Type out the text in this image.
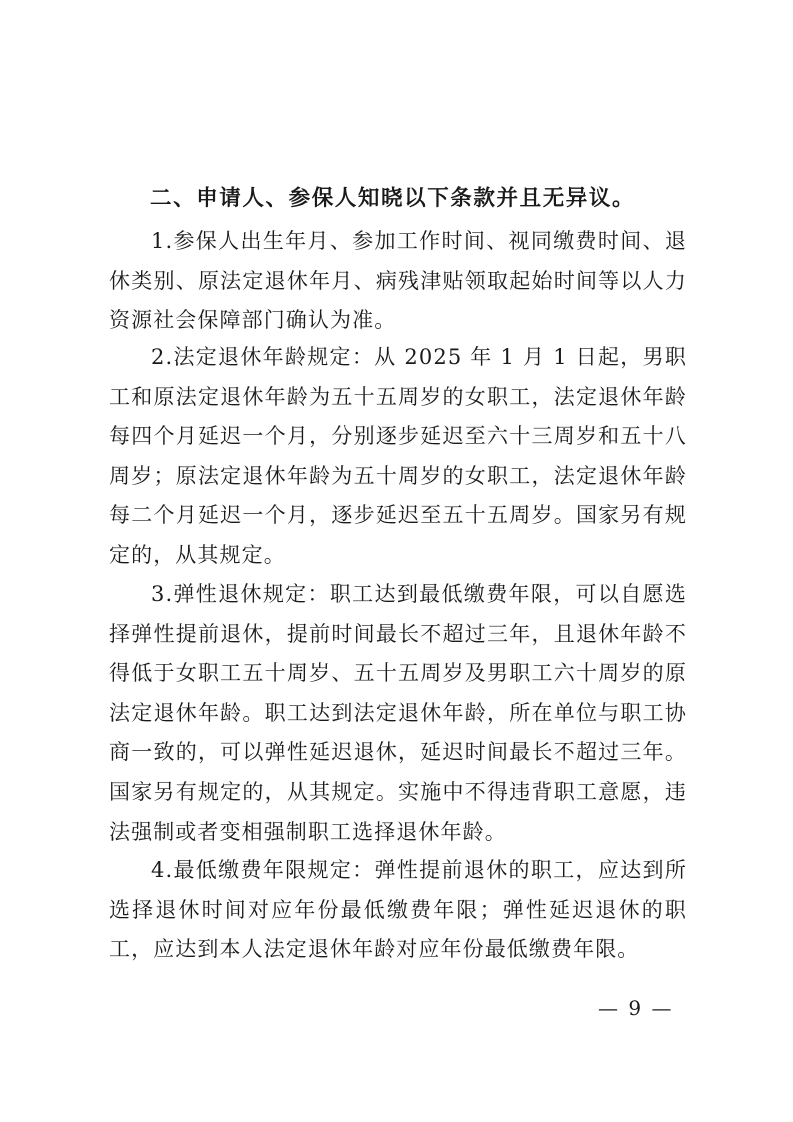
二、申请人、参保人知晓以下条款并且无异议。

1.参保人出生年月、参加工作时间、视同缴费时间、退休类别、原法定退休年月、病残津贴领取起始时间等以人力资源社会保障部门确认为准。

2.法定退休年龄规定：从 2025 年 1 月 1 日起，男职工和原法定退休年龄为五十五周岁的女职工，法定退休年龄每四个月延迟一个月，分别逐步延迟至六十三周岁和五十八周岁；原法定退休年龄为五十周岁的女职工，法定退休年龄每二个月延迟一个月，逐步延迟至五十五周岁。国家另有规定的，从其规定。

3.弹性退休规定：职工达到最低缴费年限，可以自愿选择弹性提前退休，提前时间最长不超过三年，且退休年龄不得低于女职工五十周岁、五十五周岁及男职工六十周岁的原法定退休年龄。职工达到法定退休年龄，所在单位与职工协商一致的，可以弹性延迟退休，延迟时间最长不超过三年。国家另有规定的，从其规定。实施中不得违背职工意愿，违法强制或者变相强制职工选择退休年龄。

4.最低缴费年限规定：弹性提前退休的职工，应达到所选择退休时间对应年份最低缴费年限；弹性延迟退休的职工，应达到本人法定退休年龄对应年份最低缴费年限。

— 9 —
